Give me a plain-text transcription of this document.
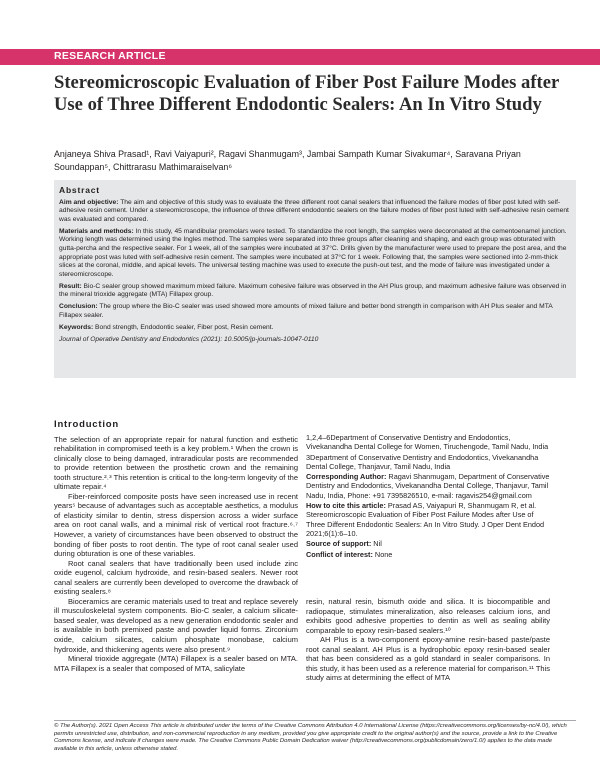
RESEARCH ARTICLE
Stereomicroscopic Evaluation of Fiber Post Failure Modes after Use of Three Different Endodontic Sealers: An In Vitro Study
Anjaneya Shiva Prasad¹, Ravi Vaiyapuri², Ragavi Shanmugam³, Jambai Sampath Kumar Sivakumar⁴, Saravana Priyan Soundappan⁵, Chittrarasu Mathimaraiselvan⁶
Abstract

Aim and objective: The aim and objective of this study was to evaluate the three different root canal sealers that influenced the failure modes of fiber post luted with self-adhesive resin cement. Under a stereomicroscope, the influence of three different endodontic sealers on the failure modes of fiber post luted with self-adhesive resin cement was evaluated and compared.

Materials and methods: In this study, 45 mandibular premolars were tested. To standardize the root length, the samples were decoronated at the cementoenamel junction. Working length was determined using the Ingles method. The samples were separated into three groups after cleaning and shaping, and each group was obturated with gutta-percha and the respective sealer. For 1 week, all of the samples were incubated at 37°C. Drills given by the manufacturer were used to prepare the post area, and the appropriate post was luted with self-adhesive resin cement. The samples were incubated at 37°C for 1 week. Following that, the samples were sectioned into 2-mm-thick slices at the coronal, middle, and apical levels. The universal testing machine was used to execute the push-out test, and the mode of failure was investigated under a stereomicroscope.

Result: Bio-C sealer group showed maximum mixed failure. Maximum cohesive failure was observed in the AH Plus group, and maximum adhesive failure was observed in the mineral trioxide aggregate (MTA) Fillapex group.

Conclusion: The group where the Bio-C sealer was used showed more amounts of mixed failure and better bond strength in comparison with AH Plus sealer and MTA Fillapex sealer.

Keywords: Bond strength, Endodontic sealer, Fiber post, Resin cement.

Journal of Operative Dentistry and Endodontics (2021): 10.5005/jp-journals-10047-0110

Introduction

The selection of an appropriate repair for natural function and esthetic rehabilitation in compromised teeth is a key problem.¹ When the crown is clinically close to being damaged, intraradicular posts are recommended to provide retention between the prosthetic crown and the remaining tooth structure.²˒³ This retention is critical to the long-term longevity of the ultimate repair.⁴

Fiber-reinforced composite posts have seen increased use in recent years⁵ because of advantages such as acceptable aesthetics, a modulus of elasticity similar to dentin, stress dispersion across a wider surface area on root canal walls, and a minimal risk of vertical root fracture.⁶˒⁷ However, a variety of circumstances have been observed to obstruct the bonding of fiber posts to root dentin. The type of root canal sealer used during obturation is one of these variables.

Root canal sealers that have traditionally been used include zinc oxide eugenol, calcium hydroxide, and resin-based sealers. Newer root canal sealers are currently been developed to overcome the drawback of existing sealers.⁸

Bioceramics are ceramic materials used to treat and replace severely ill musculoskeletal system components. Bio-C sealer, a calcium silicate-based sealer, was developed as a new generation endodontic sealer and is available in both premixed paste and powder liquid forms. Zirconium oxide, calcium silicates, calcium phosphate monobase, calcium hydroxide, and thickening agents were also present.⁹

Mineral trioxide aggregate (MTA) Fillapex is a sealer based on MTA. MTA Fillapex is a sealer that composed of MTA, salicylate

1,2,4–6Department of Conservative Dentistry and Endodontics, Vivekanandha Dental College for Women, Tiruchengode, Tamil Nadu, India

3Department of Conservative Dentistry and Endodontics, Vivekanandha Dental College, Thanjavur, Tamil Nadu, India

Corresponding Author: Ragavi Shanmugam, Department of Conservative Dentistry and Endodontics, Vivekanandha Dental College, Thanjavur, Tamil Nadu, India, Phone: +91 7395826510, e-mail: ragavis254@gmail.com

How to cite this article: Prasad AS, Vaiyapuri R, Shanmugam R, et al. Stereomicroscopic Evaluation of Fiber Post Failure Modes after Use of Three Different Endodontic Sealers: An In Vitro Study. J Oper Dent Endod 2021;6(1):6–10.

Source of support: Nil

Conflict of interest: None

resin, natural resin, bismuth oxide and silica. It is biocompatible and radiopaque, stimulates mineralization, also releases calcium ions, and exhibits good adhesive properties to dentin as well as sealing ability comparable to epoxy resin-based sealers.¹⁰

AH Plus is a two-component epoxy-amine resin-based paste/paste root canal sealant. AH Plus is a hydrophobic epoxy resin-based sealer that has been considered as a gold standard in sealer comparisons. In this study, it has been used as a reference material for comparison.¹¹ This study aims at determining the effect of MTA

© The Author(s). 2021 Open Access This article is distributed under the terms of the Creative Commons Attribution 4.0 International License (https://creativecommons.org/licenses/by-nc/4.0/), which permits unrestricted use, distribution, and non-commercial reproduction in any medium, provided you give appropriate credit to the original author(s) and the source, provide a link to the Creative Commons license, and indicate if changes were made. The Creative Commons Public Domain Dedication waiver (http://creativecommons.org/publicdomain/zero/1.0/) applies to the data made available in this article, unless otherwise stated.
